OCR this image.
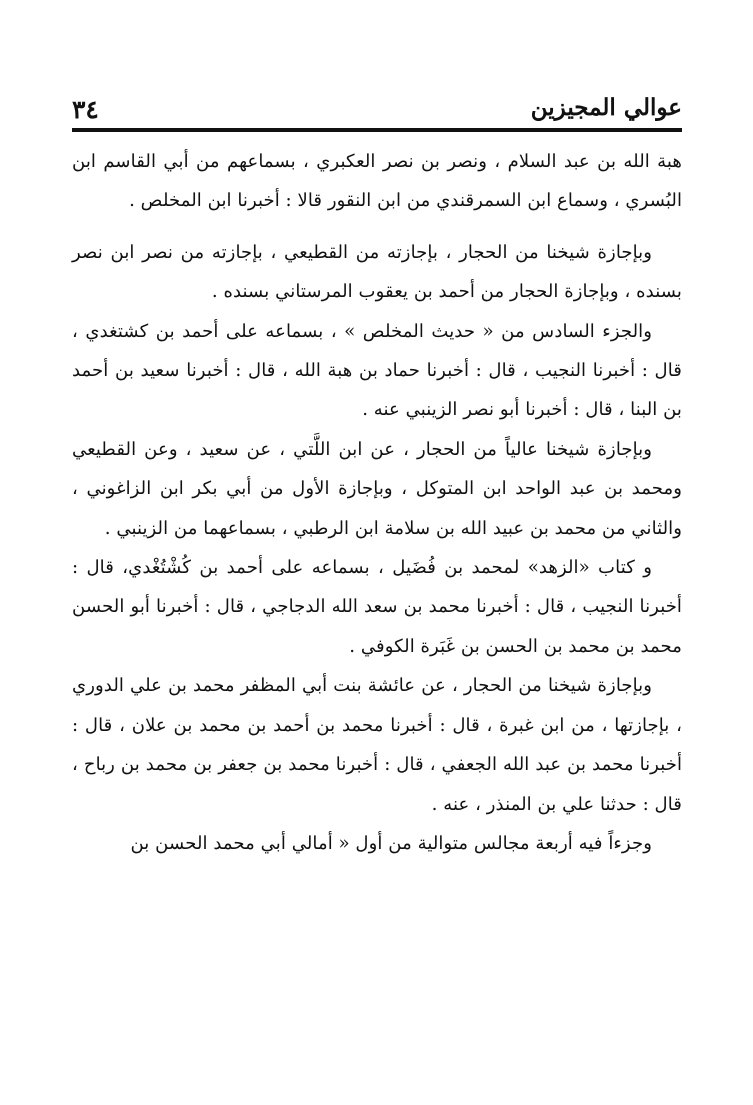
٣٤	عوالي المجيزين

هبة الله بن عبد السلام ، ونصر بن نصر العكبري ، بسماعهم من أبي القاسم ابن البُسري ، وسماع ابن السمرقندي من ابن النقور قالا : أخبرنا ابن المخلص .

وبإجازة شيخنا من الحجار ، بإجازته من القطيعي ، بإجازته من نصر ابن نصر بسنده ، وبإجازة الحجار من أحمد بن يعقوب المرستاني بسنده .

والجزء السادس من « حديث المخلص » ، بسماعه على أحمد بن كشتغدي ، قال : أخبرنا النجيب ، قال : أخبرنا حماد بن هبة الله ، قال : أخبرنا سعيد بن أحمد بن البنا ، قال : أخبرنا أبو نصر الزينبي عنه .

وبإجازة شيخنا عالياً من الحجار ، عن ابن اللَّتي ، عن سعيد ، وعن القطيعي ومحمد بن عبد الواحد ابن المتوكل ، وبإجازة الأول من أبي بكر ابن الزاغوني ، والثاني من محمد بن عبيد الله بن سلامة ابن الرطبي ، بسماعهما من الزينبي .

و كتاب «الزهد» لمحمد بن فُضَيل ، بسماعه على أحمد بن كُشْتُغْدي، قال : أخبرنا النجيب ، قال : أخبرنا محمد بن سعد الله الدجاجي ، قال : أخبرنا أبو الحسن محمد بن محمد بن الحسن بن غَبَرة الكوفي .

وبإجازة شيخنا من الحجار ، عن عائشة بنت أبي المظفر محمد بن علي الدوري ، بإجازتها ، من ابن غبرة ، قال : أخبرنا محمد بن أحمد بن محمد بن علان ، قال : أخبرنا محمد بن عبد الله الجعفي ، قال : أخبرنا محمد بن جعفر بن محمد بن رباح ، قال : حدثنا علي بن المنذر ، عنه .

وجزءاً فيه أربعة مجالس متوالية من أول « أمالي أبي محمد الحسن بن
